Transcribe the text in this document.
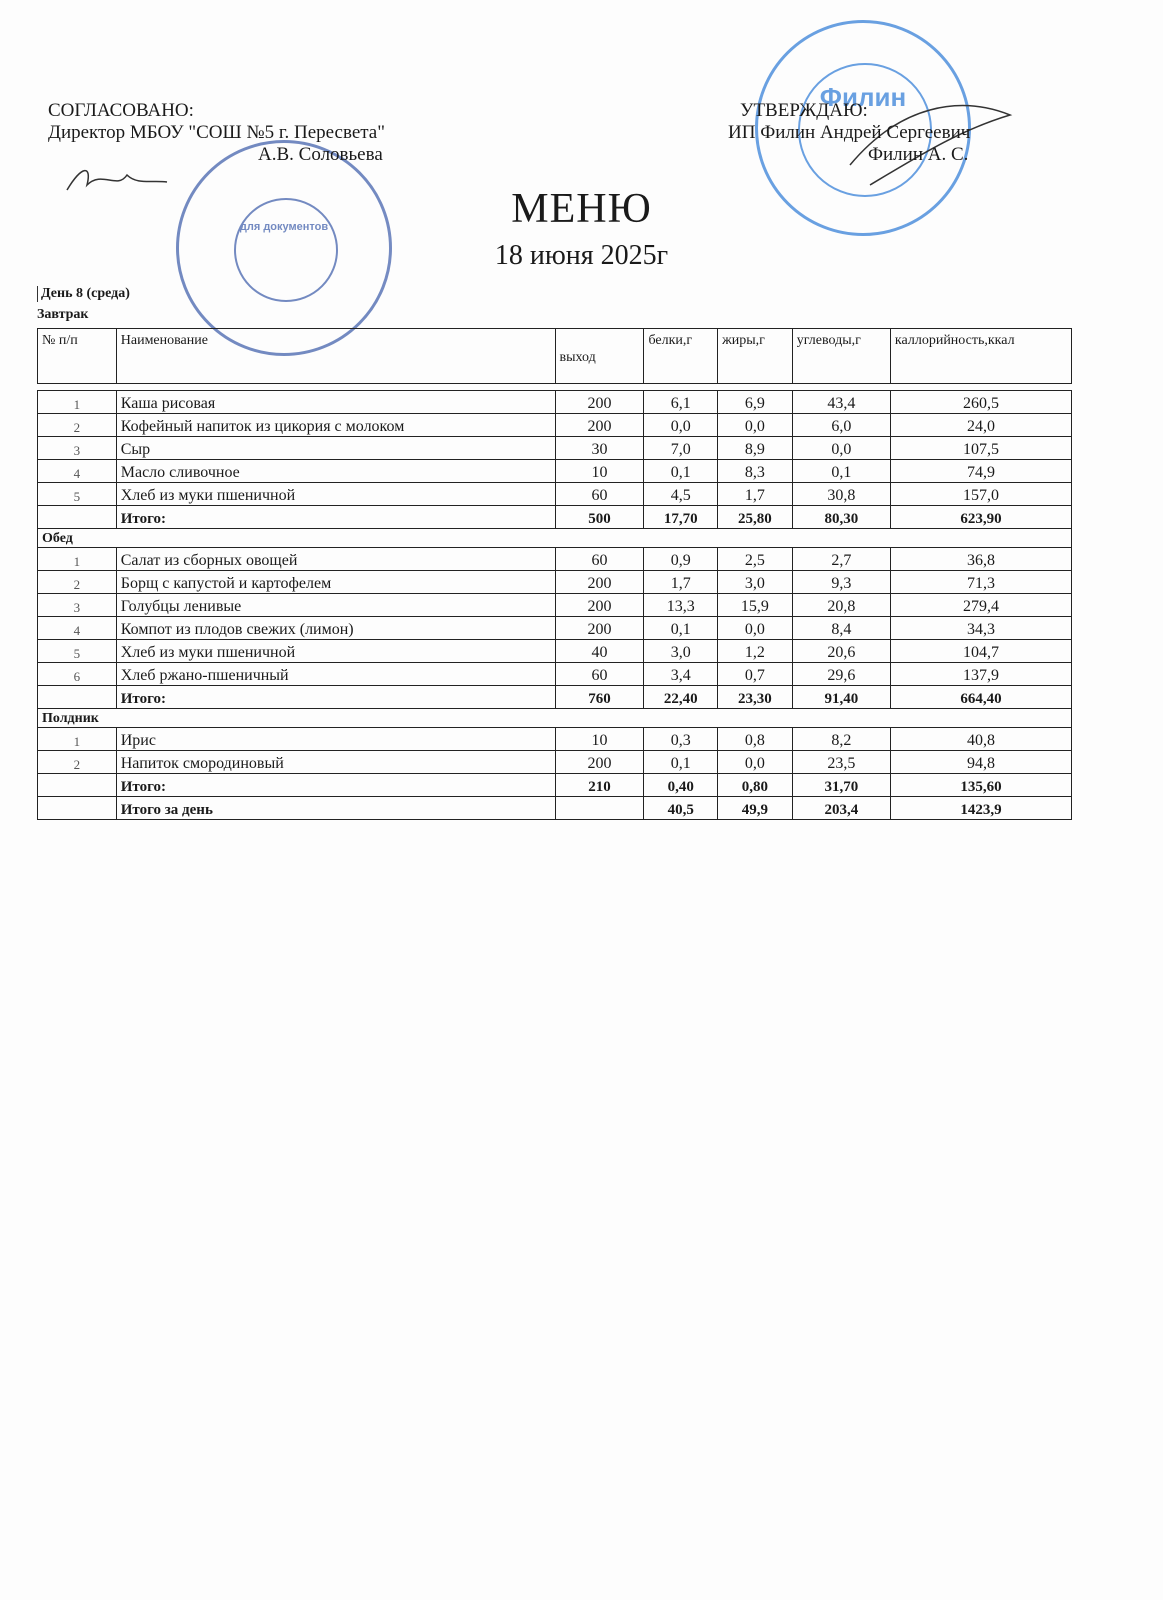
для документов
Филин
СОГЛАСОВАНО:
Директор МБОУ "СОШ №5 г. Пересвета"
А.В. Соловьева
УТВЕРЖДАЮ:
ИП Филин Андрей Сергеевич
Филин А. С.
МЕНЮ
18 июня 2025г
День 8 (среда)
Завтрак
№ п/п	Наименование	выход	белки,г	жиры,г	углеводы,г	каллорийность,ккал

1	Каша рисовая	200	6,1	6,9	43,4	260,5
2	Кофейный напиток из цикория с молоком	200	0,0	0,0	6,0	24,0
3	Сыр	30	7,0	8,9	0,0	107,5
4	Масло сливочное	10	0,1	8,3	0,1	74,9
5	Хлеб из муки пшеничной	60	4,5	1,7	30,8	157,0
	Итого:	500	17,70	25,80	80,30	623,90
Обед						
1	Салат из сборных овощей	60	0,9	2,5	2,7	36,8
2	Борщ с капустой и картофелем	200	1,7	3,0	9,3	71,3
3	Голубцы ленивые	200	13,3	15,9	20,8	279,4
4	Компот из плодов свежих (лимон)	200	0,1	0,0	8,4	34,3
5	Хлеб из муки пшеничной	40	3,0	1,2	20,6	104,7
6	Хлеб ржано-пшеничный	60	3,4	0,7	29,6	137,9
	Итого:	760	22,40	23,30	91,40	664,40
Полдник						
1	Ирис	10	0,3	0,8	8,2	40,8
2	Напиток смородиновый	200	0,1	0,0	23,5	94,8
	Итого:	210	0,40	0,80	31,70	135,60
	Итого за день		40,5	49,9	203,4	1423,9
